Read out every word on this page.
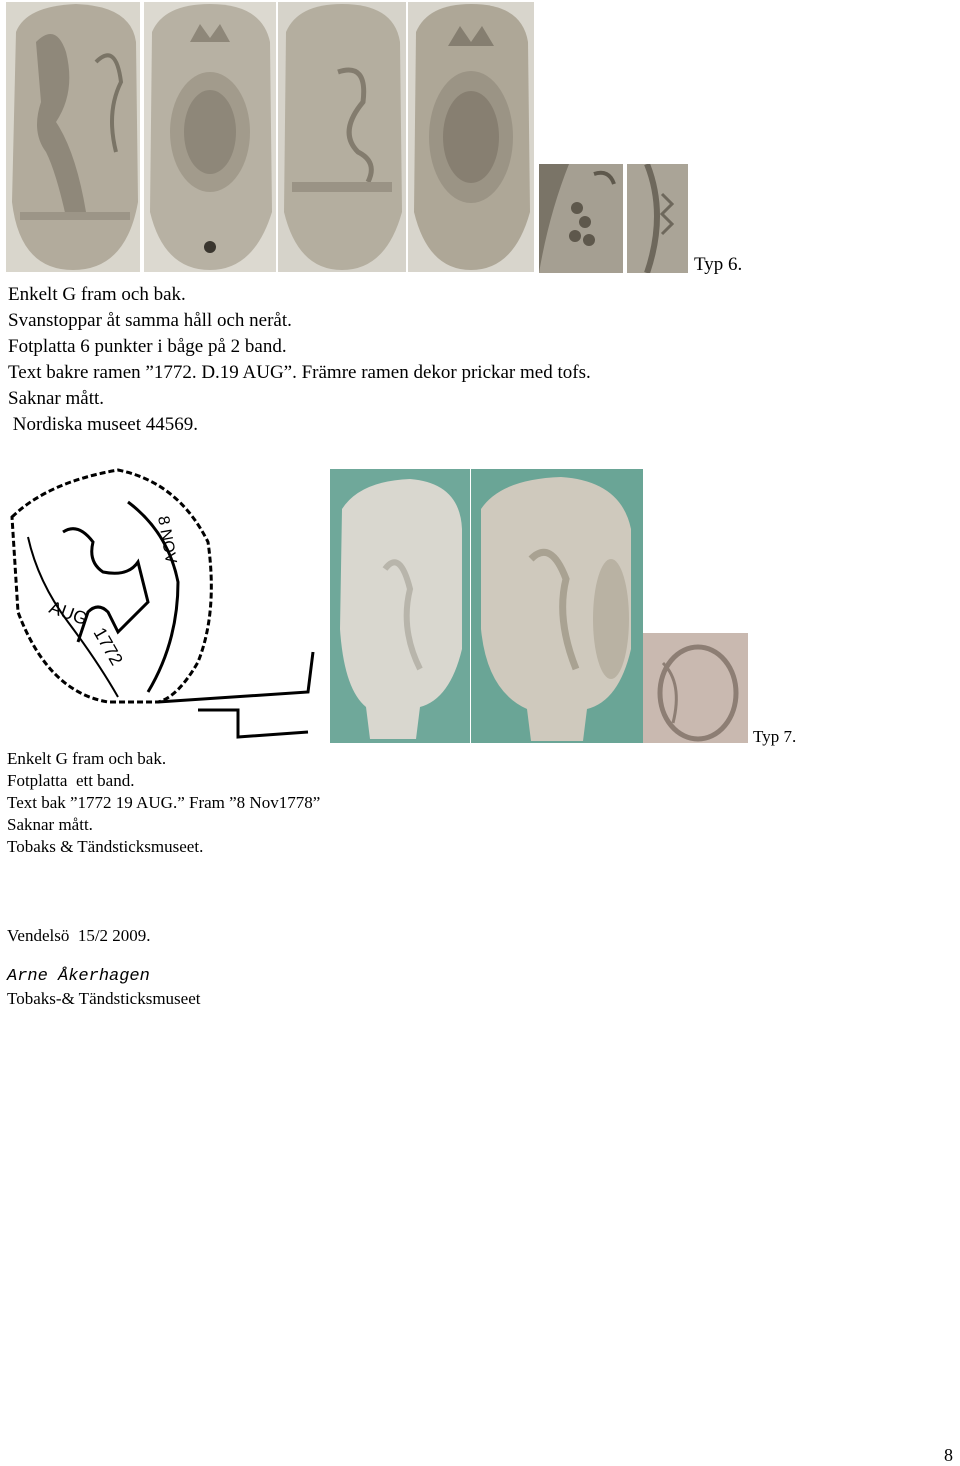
Typ 6.
Enkelt G fram och bak.
Svanstoppar åt samma håll och neråt.
Fotplatta 6 punkter i båge på 2 band.
Text bakre ramen ”1772. D.19 AUG”. Främre ramen dekor prickar med tofs.
Saknar mått.
Nordiska museet 44569.
AUG
1772
8 NOV
Typ 7.
Enkelt G fram och bak.
Fotplatta  ett band.
Text bak ”1772 19 AUG.” Fram ”8 Nov1778”
Saknar mått.
Tobaks & Tändsticksmuseet.
Vendelsö  15/2 2009.
Arne Åkerhagen
Tobaks-& Tändsticksmuseet
8
